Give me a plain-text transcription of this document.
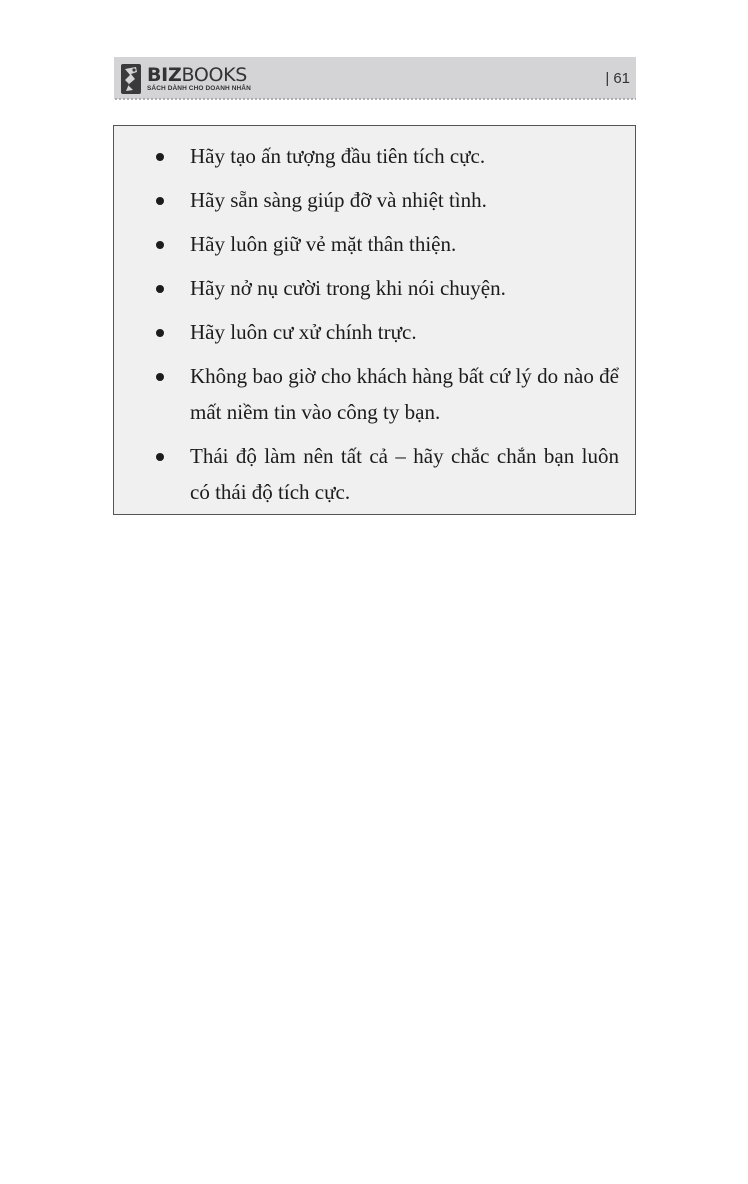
BIZBOOKS
SÁCH DÀNH CHO DOANH NHÂN
| 61
Hãy tạo ấn tượng đầu tiên tích cực.
Hãy sẵn sàng giúp đỡ và nhiệt tình.
Hãy luôn giữ vẻ mặt thân thiện.
Hãy nở nụ cười trong khi nói chuyện.
Hãy luôn cư xử chính trực.
Không bao giờ cho khách hàng bất cứ lý do nào để mất niềm tin vào công ty bạn.
Thái độ làm nên tất cả – hãy chắc chắn bạn luôn có thái độ tích cực.
